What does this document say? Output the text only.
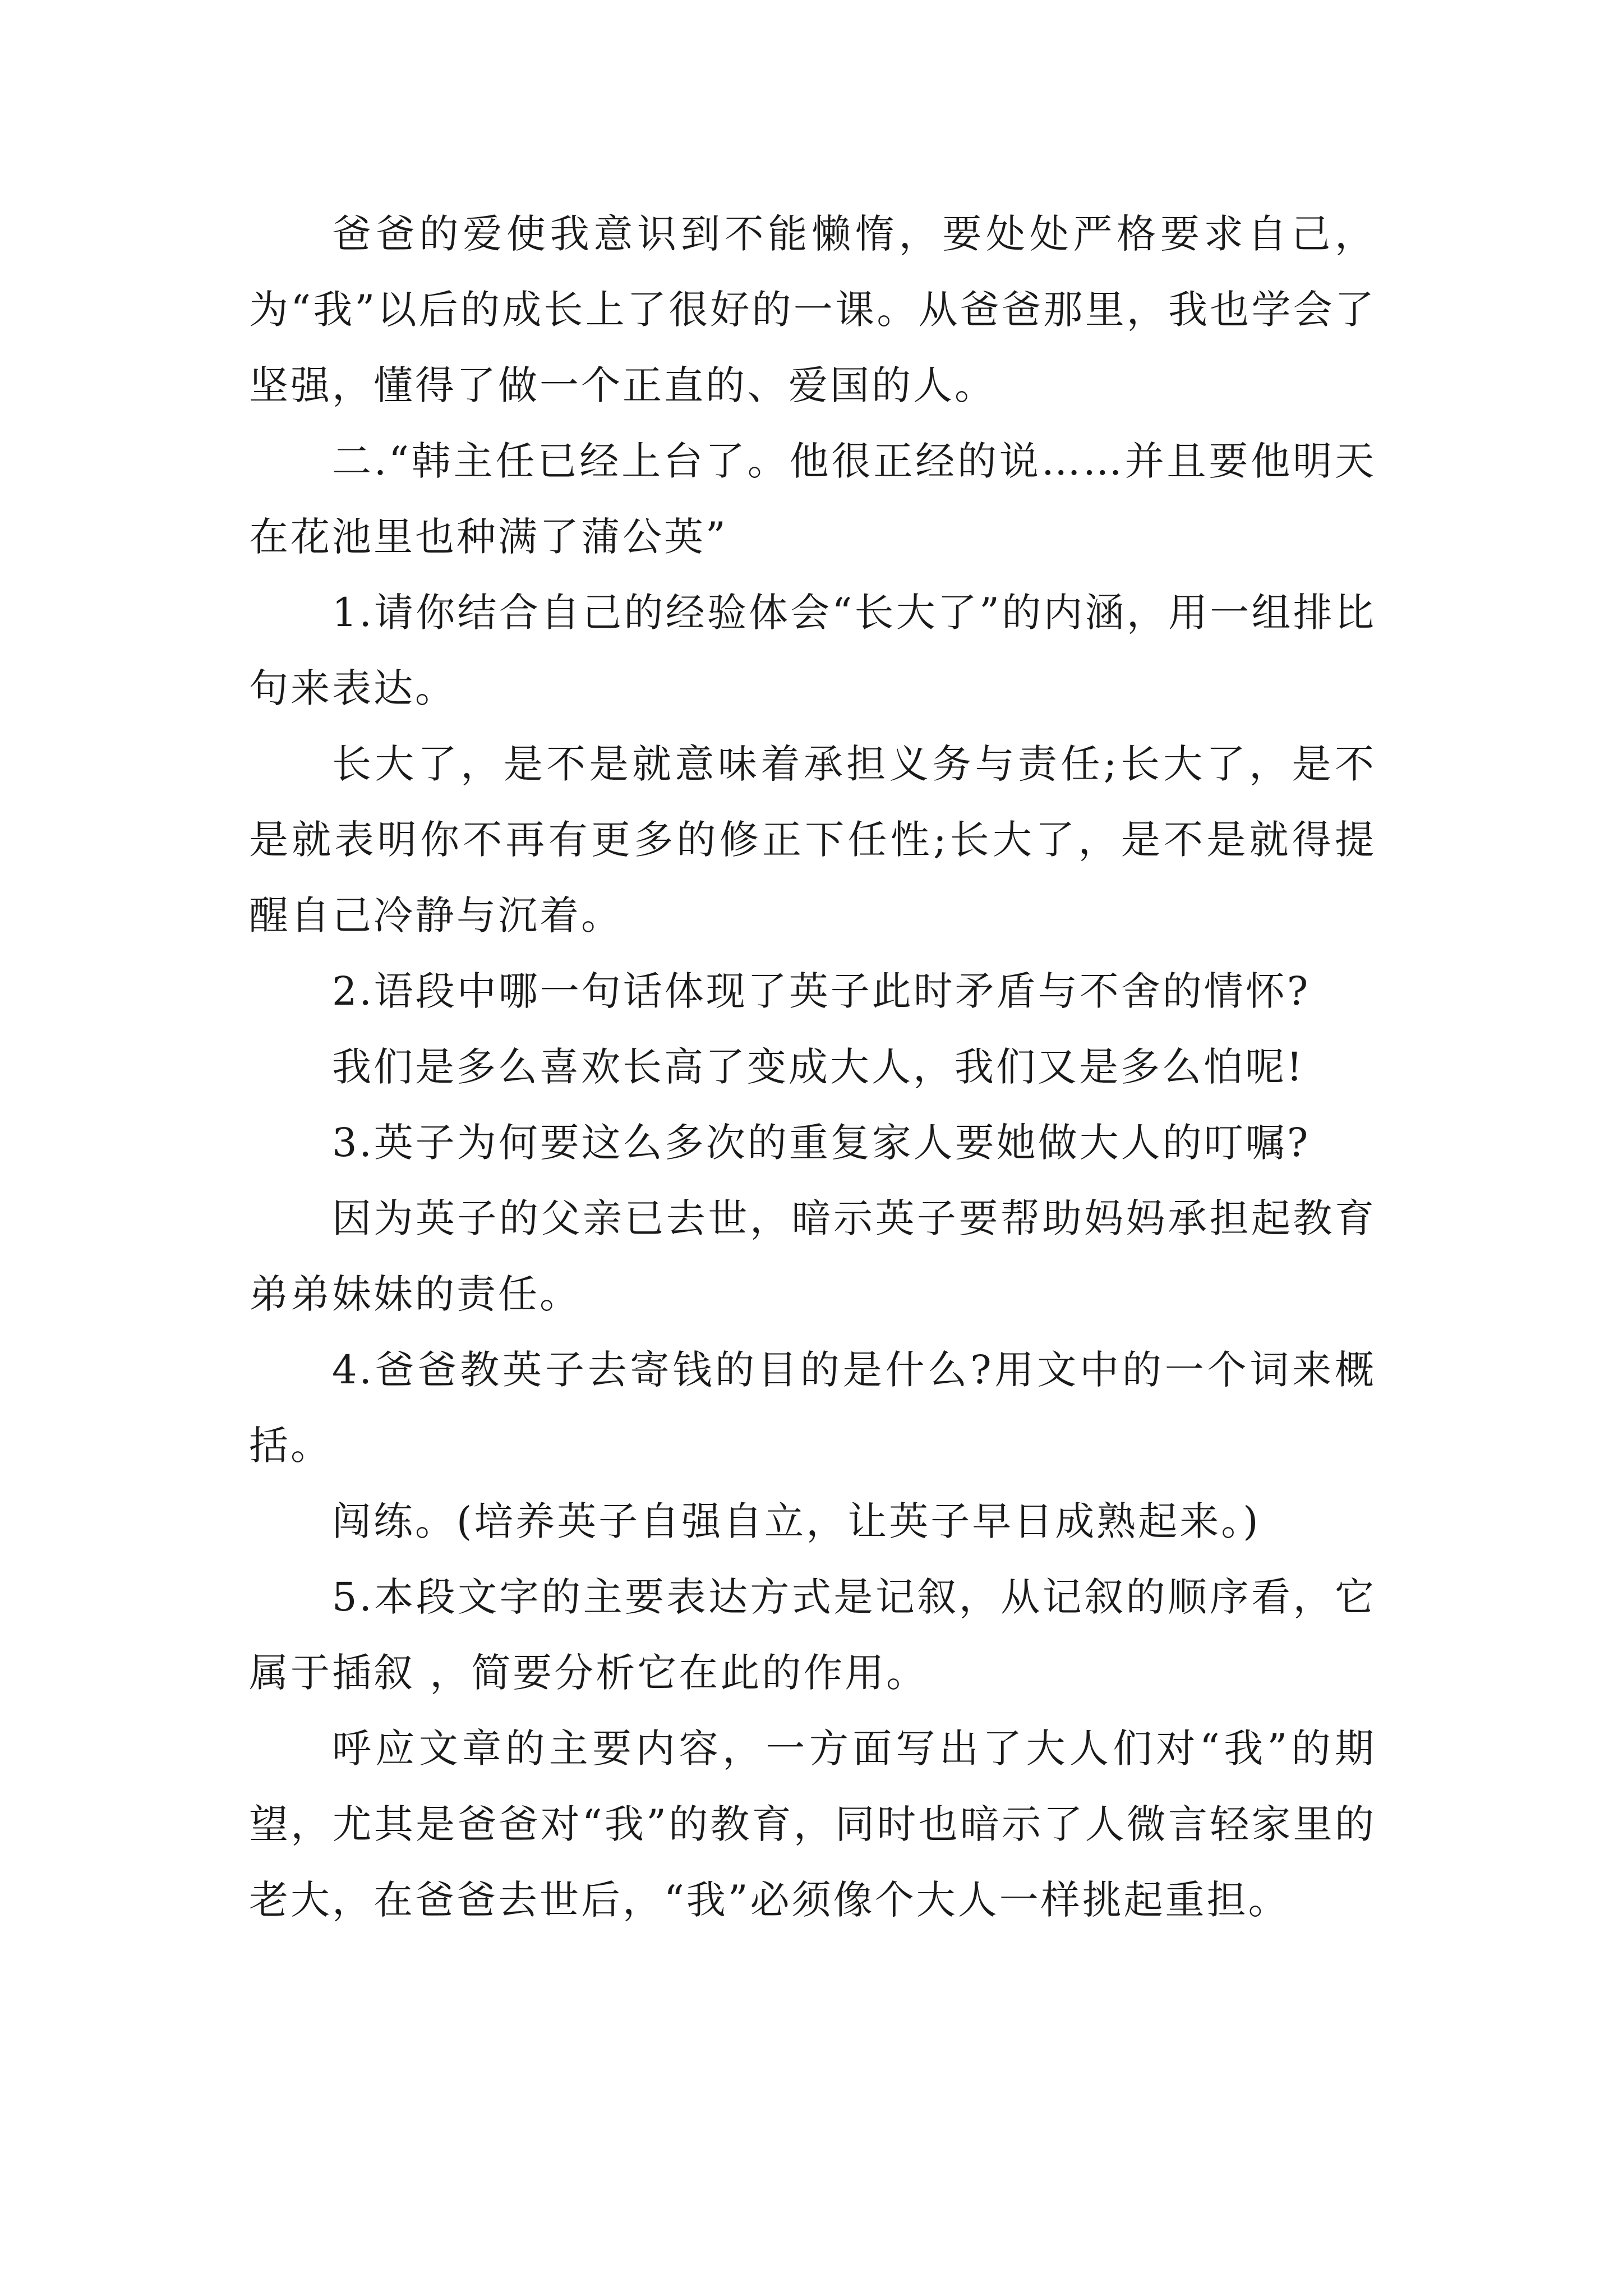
爸爸的爱使我意识到不能懒惰，要处处严格要求自己，为“我”以后的成长上了很好的一课。从爸爸那里，我也学会了坚强，懂得了做一个正直的、爱国的人。

二.“韩主任已经上台了。他很正经的说……并且要他明天在花池里也种满了蒲公英”

1.请你结合自己的经验体会“长大了”的内涵，用一组排比句来表达。

长大了，是不是就意味着承担义务与责任;长大了，是不是就表明你不再有更多的修正下任性;长大了，是不是就得提醒自己冷静与沉着。

2.语段中哪一句话体现了英子此时矛盾与不舍的情怀?

我们是多么喜欢长高了变成大人，我们又是多么怕呢!

3.英子为何要这么多次的重复家人要她做大人的叮嘱?

因为英子的父亲已去世，暗示英子要帮助妈妈承担起教育弟弟妹妹的责任。

4.爸爸教英子去寄钱的目的是什么?用文中的一个词来概括。

闯练。(培养英子自强自立，让英子早日成熟起来。)

5.本段文字的主要表达方式是记叙，从记叙的顺序看，它属于插叙 ，简要分析它在此的作用。

呼应文章的主要内容，一方面写出了大人们对“我”的期望，尤其是爸爸对“我”的教育，同时也暗示了人微言轻家里的老大，在爸爸去世后，“我”必须像个大人一样挑起重担。
